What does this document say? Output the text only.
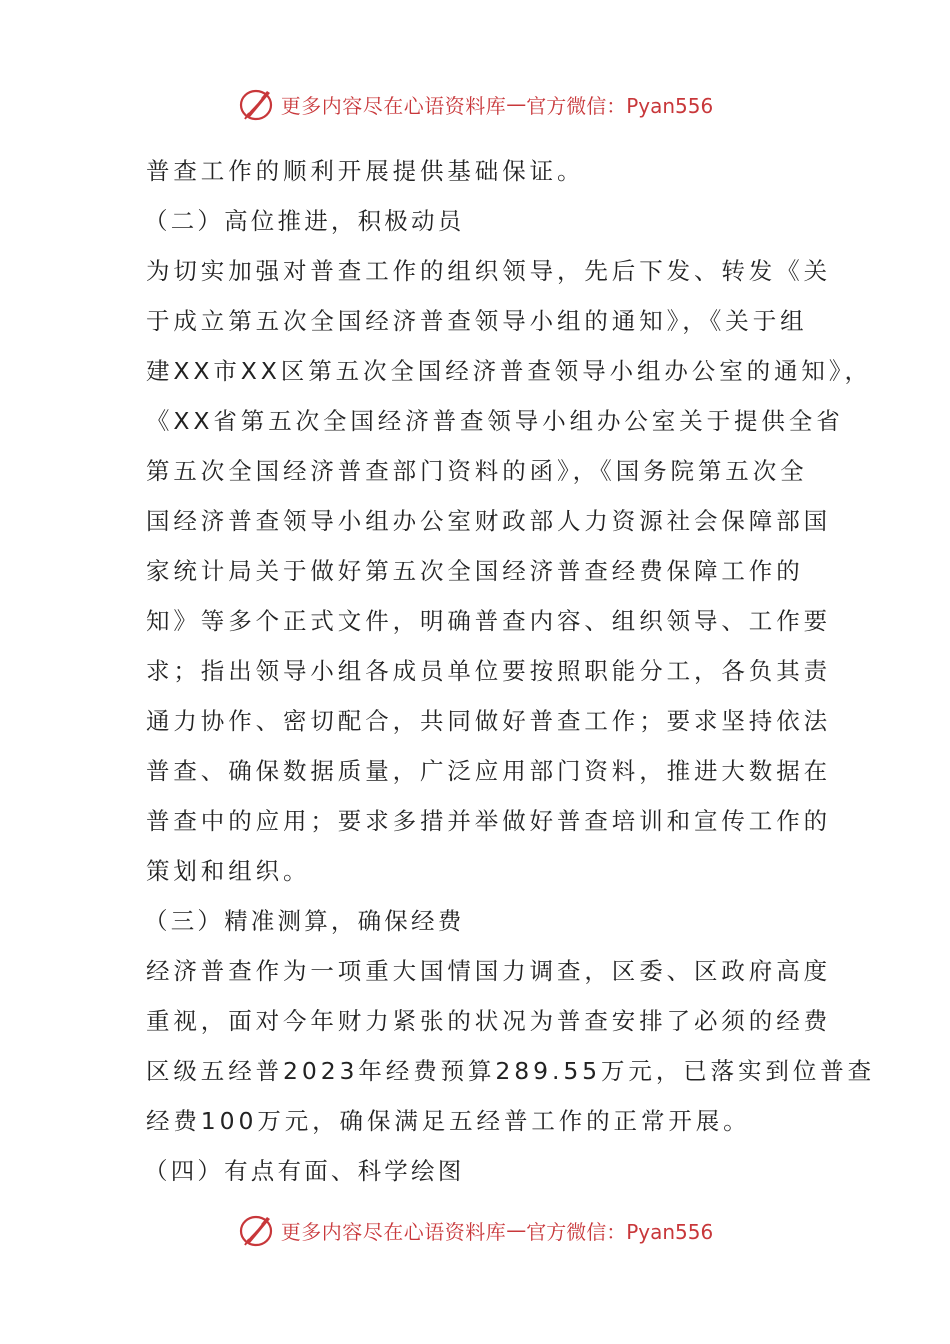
更多内容尽在心语资料库 — 官方微信：Pyan556
普查工作的顺利开展提供基础保证。
（二）高位推进，积极动员
为切实加强对普查工作的组织领导，先后下发、转发《关
于成立第五次全国经济普查领导小组的通知》，《关于组
建XX市XX区第五次全国经济普查领导小组办公室的通知》，
《XX省第五次全国经济普查领导小组办公室关于提供全省
第五次全国经济普查部门资料的函》，《国务院第五次全
国经济普查领导小组办公室财政部人力资源社会保障部国
家统计局关于做好第五次全国经济普查经费保障工作的
知》等多个正式文件，明确普查内容、组织领导、工作要
求；指出领导小组各成员单位要按照职能分工，各负其责
通力协作、密切配合，共同做好普查工作；要求坚持依法
普查、确保数据质量，广泛应用部门资料，推进大数据在
普查中的应用；要求多措并举做好普查培训和宣传工作的
策划和组织。
（三）精准测算，确保经费
经济普查作为一项重大国情国力调查，区委、区政府高度
重视，面对今年财力紧张的状况为普查安排了必须的经费
区级五经普2023年经费预算289.55万元，已落实到位普查
经费100万元，确保满足五经普工作的正常开展。
（四）有点有面、科学绘图
更多内容尽在心语资料库 — 官方微信：Pyan556
